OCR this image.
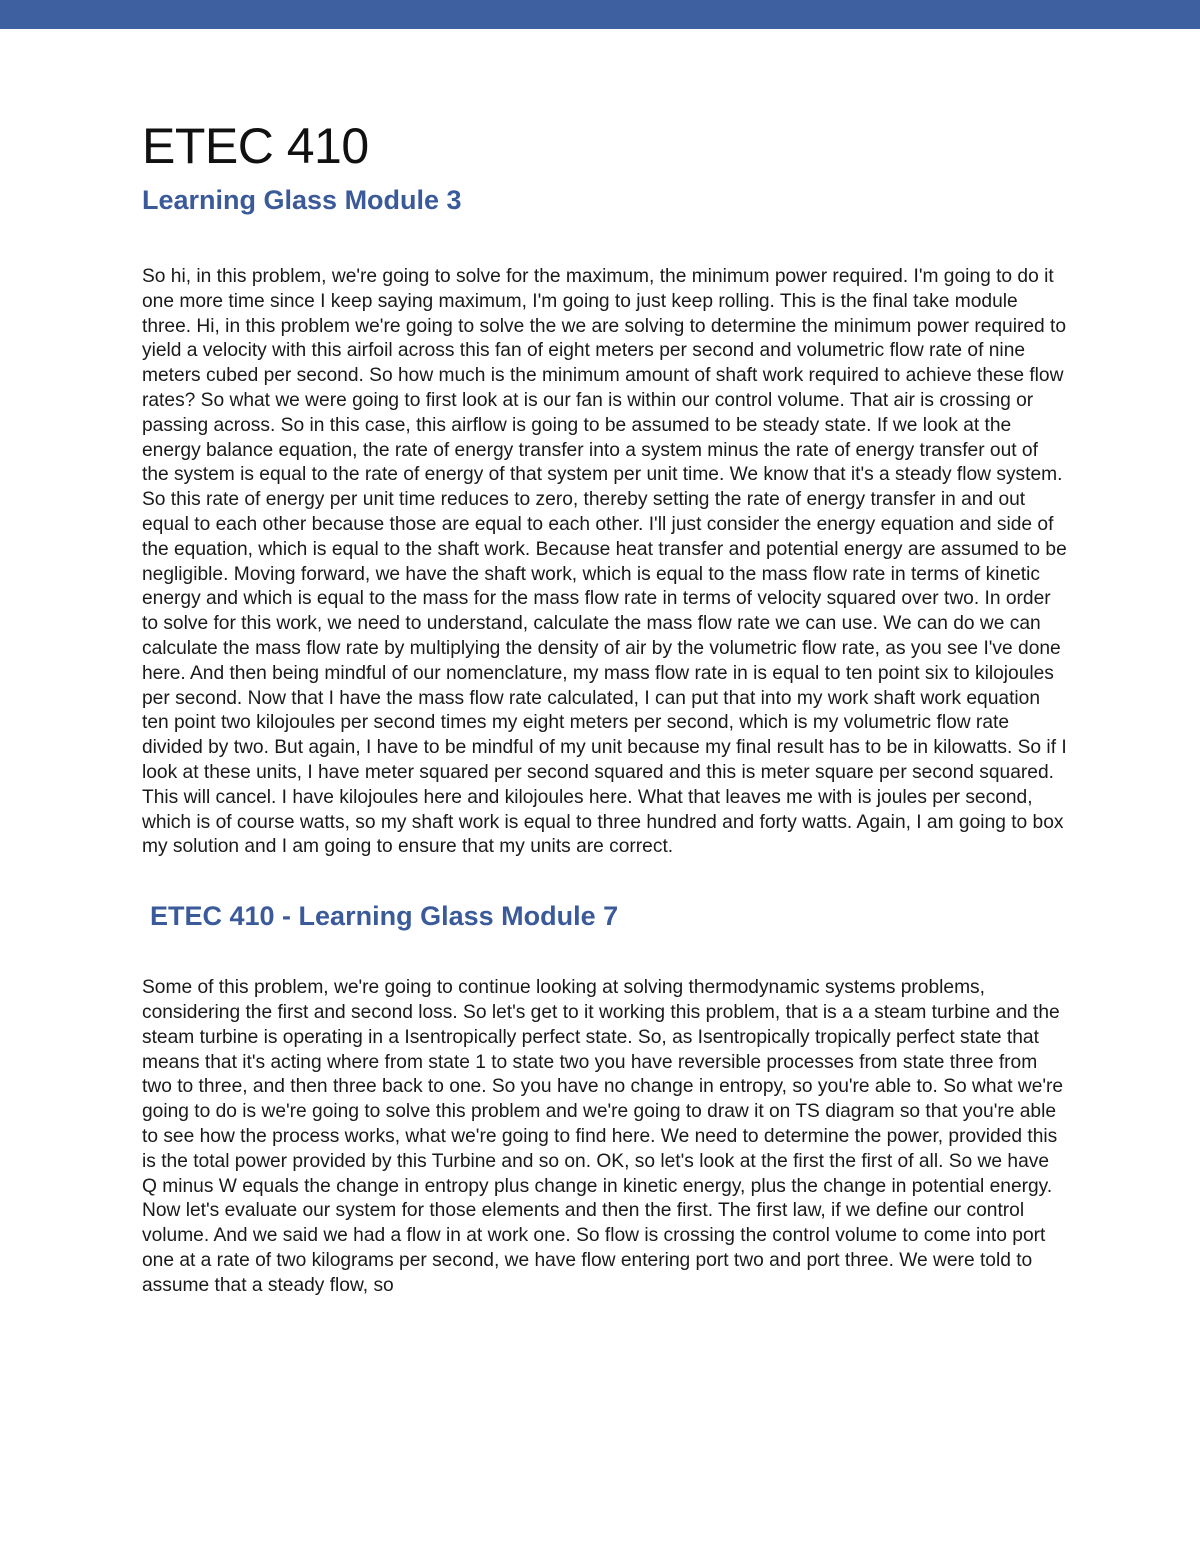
ETEC 410
Learning Glass Module 3

So hi, in this problem, we're going to solve for the maximum, the minimum power required. I'm going to do it one more time since I keep saying maximum, I'm going to just keep rolling. This is the final take module three. Hi, in this problem we're going to solve the we are solving to determine the minimum power required to yield a velocity with this airfoil across this fan of eight meters per second and volumetric flow rate of nine meters cubed per second. So how much is the minimum amount of shaft work required to achieve these flow rates? So what we were going to first look at is our fan is within our control volume. That air is crossing or passing across. So in this case, this airflow is going to be assumed to be steady state. If we look at the energy balance equation, the rate of energy transfer into a system minus the rate of energy transfer out of the system is equal to the rate of energy of that system per unit time. We know that it's a steady flow system. So this rate of energy per unit time reduces to zero, thereby setting the rate of energy transfer in and out equal to each other because those are equal to each other. I'll just consider the energy equation and side of the equation, which is equal to the shaft work. Because heat transfer and potential energy are assumed to be negligible. Moving forward, we have the shaft work, which is equal to the mass flow rate in terms of kinetic energy and which is equal to the mass for the mass flow rate in terms of velocity squared over two. In order to solve for this work, we need to understand, calculate the mass flow rate we can use. We can do we can calculate the mass flow rate by multiplying the density of air by the volumetric flow rate, as you see I've done here. And then being mindful of our nomenclature, my mass flow rate in is equal to ten point six to kilojoules per second. Now that I have the mass flow rate calculated, I can put that into my work shaft work equation ten point two kilojoules per second times my eight meters per second, which is my volumetric flow rate divided by two. But again, I have to be mindful of my unit because my final result has to be in kilowatts. So if I look at these units, I have meter squared per second squared and this is meter square per second squared. This will cancel. I have kilojoules here and kilojoules here. What that leaves me with is joules per second, which is of course watts, so my shaft work is equal to three hundred and forty watts. Again, I am going to box my solution and I am going to ensure that my units are correct.

ETEC 410 - Learning Glass Module 7

Some of this problem, we're going to continue looking at solving thermodynamic systems problems, considering the first and second loss. So let's get to it working this problem, that is a a steam turbine and the steam turbine is operating in a Isentropically perfect state. So, as Isentropically tropically perfect state that means that it's acting where from state 1 to state two you have reversible processes from state three from two to three, and then three back to one. So you have no change in entropy, so you're able to. So what we're going to do is we're going to solve this problem and we're going to draw it on TS diagram so that you're able to see how the process works, what we're going to find here. We need to determine the power, provided this is the total power provided by this Turbine and so on. OK, so let's look at the first the first of all. So we have Q minus W equals the change in entropy plus change in kinetic energy, plus the change in potential energy. Now let's evaluate our system for those elements and then the first. The first law, if we define our control volume. And we said we had a flow in at work one. So flow is crossing the control volume to come into port one at a rate of two kilograms per second, we have flow entering port two and port three. We were told to assume that a steady flow, so
